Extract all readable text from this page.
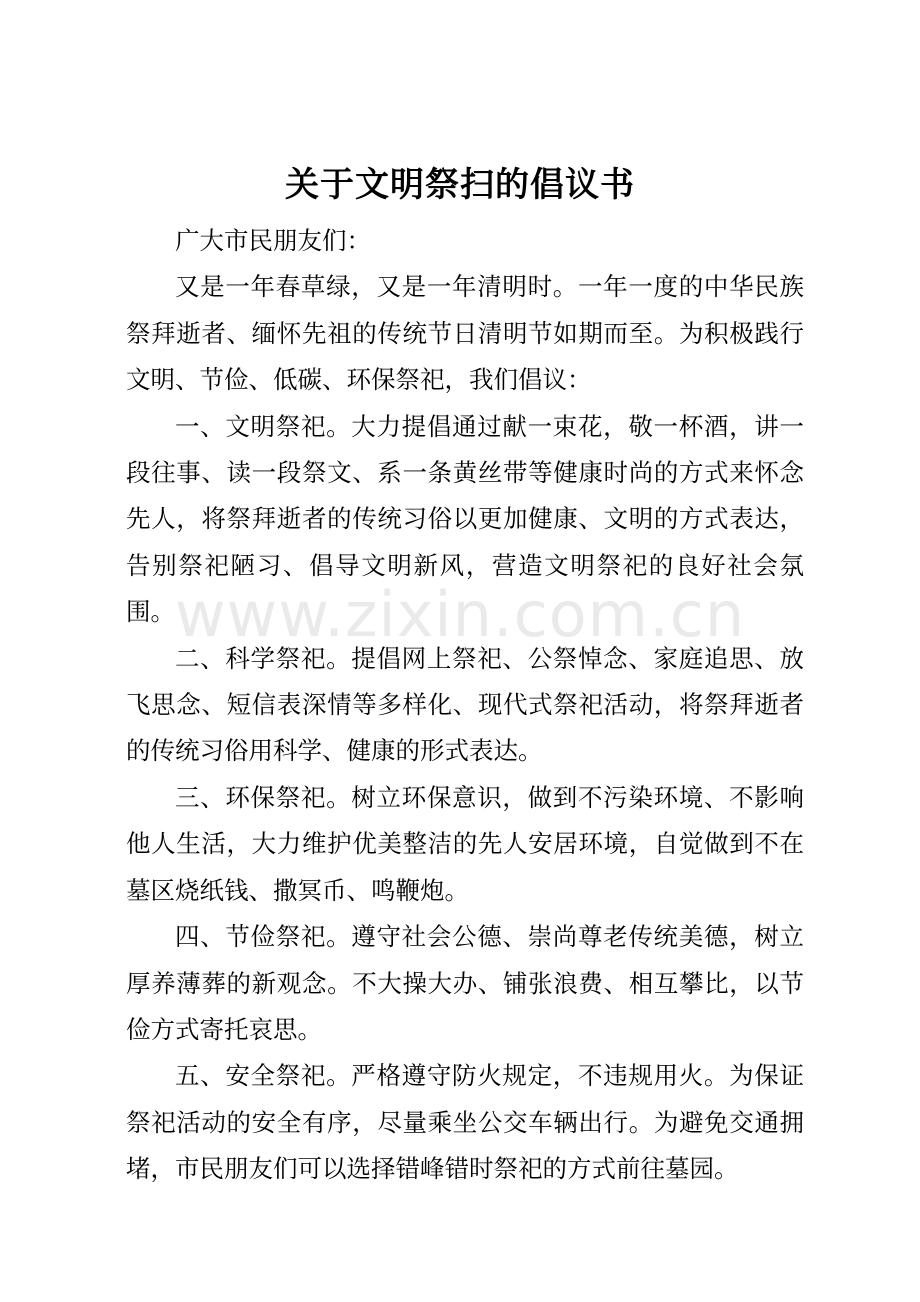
关于文明祭扫的倡议书

广大市民朋友们：

又是一年春草绿，又是一年清明时。一年一度的中华民族祭拜逝者、缅怀先祖的传统节日清明节如期而至。为积极践行文明、节俭、低碳、环保祭祀，我们倡议：

一、文明祭祀。大力提倡通过献一束花，敬一杯酒，讲一段往事、读一段祭文、系一条黄丝带等健康时尚的方式来怀念先人，将祭拜逝者的传统习俗以更加健康、文明的方式表达，告别祭祀陋习、倡导文明新风，营造文明祭祀的良好社会氛围。

二、科学祭祀。提倡网上祭祀、公祭悼念、家庭追思、放飞思念、短信表深情等多样化、现代式祭祀活动，将祭拜逝者的传统习俗用科学、健康的形式表达。

三、环保祭祀。树立环保意识，做到不污染环境、不影响他人生活，大力维护优美整洁的先人安居环境，自觉做到不在墓区烧纸钱、撒冥币、鸣鞭炮。

四、节俭祭祀。遵守社会公德、崇尚尊老传统美德，树立厚养薄葬的新观念。不大操大办、铺张浪费、相互攀比，以节俭方式寄托哀思。

五、安全祭祀。严格遵守防火规定，不违规用火。为保证祭祀活动的安全有序，尽量乘坐公交车辆出行。为避免交通拥堵，市民朋友们可以选择错峰错时祭祀的方式前往墓园。

www.zixin.com.cn
